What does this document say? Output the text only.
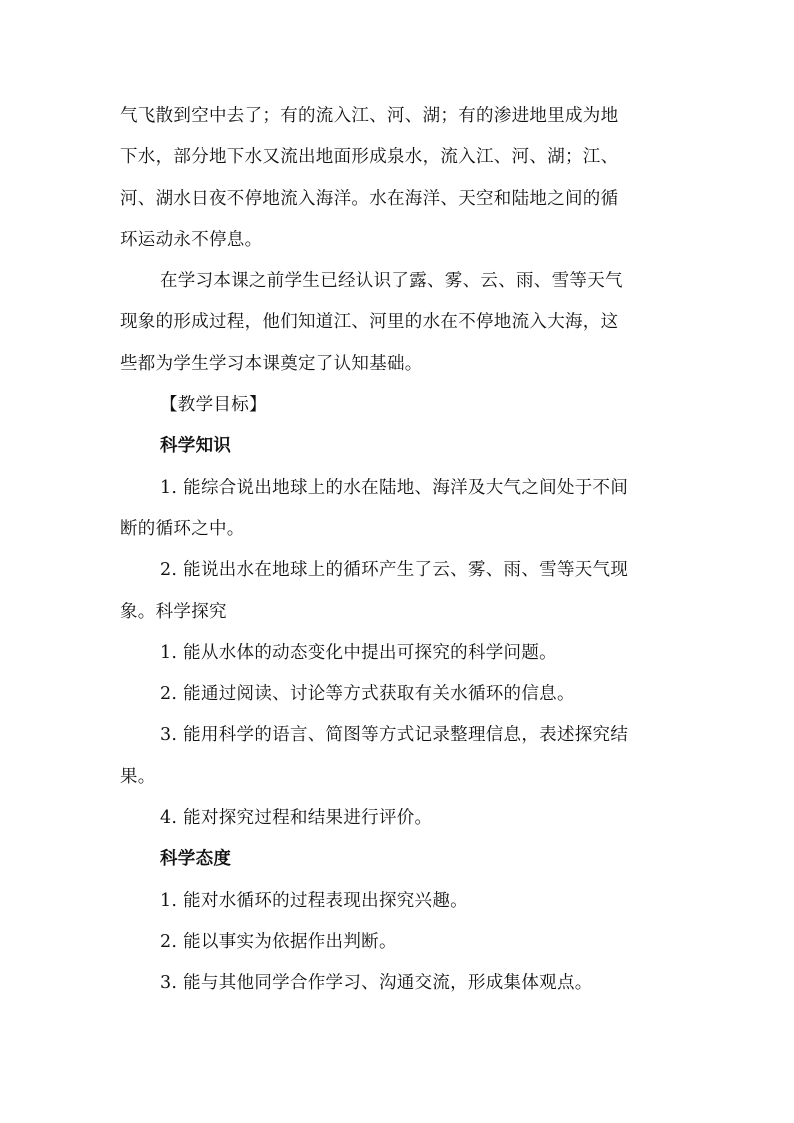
气飞散到空中去了；有的流入江、河、湖；有的渗进地里成为地
下水，部分地下水又流出地面形成泉水，流入江、河、湖；江、
河、湖水日夜不停地流入海洋。水在海洋、天空和陆地之间的循
环运动永不停息。
在学习本课之前学生已经认识了露、雾、云、雨、雪等天气
现象的形成过程，他们知道江、河里的水在不停地流入大海，这
些都为学生学习本课奠定了认知基础。
【教学目标】
科学知识
1. 能综合说出地球上的水在陆地、海洋及大气之间处于不间
断的循环之中。
2. 能说出水在地球上的循环产生了云、雾、雨、雪等天气现
象。科学探究
1. 能从水体的动态变化中提出可探究的科学问题。
2. 能通过阅读、讨论等方式获取有关水循环的信息。
3. 能用科学的语言、简图等方式记录整理信息，表述探究结
果。
4. 能对探究过程和结果进行评价。
科学态度
1. 能对水循环的过程表现出探究兴趣。
2. 能以事实为依据作出判断。
3. 能与其他同学合作学习、沟通交流，形成集体观点。
